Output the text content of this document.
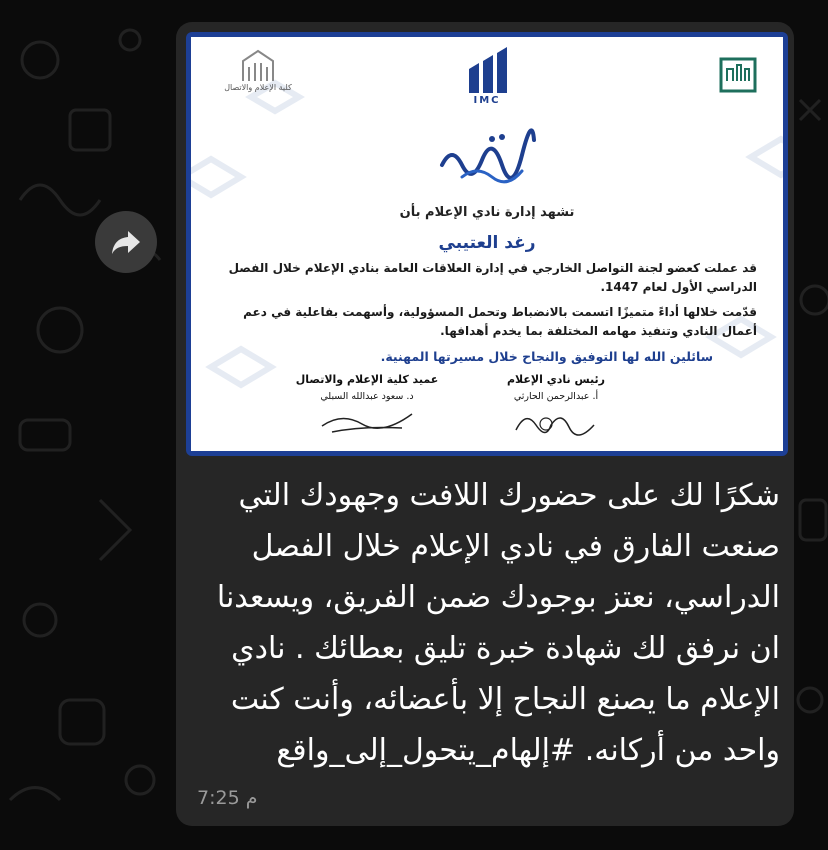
IMC
كلية الإعلام والاتصال
تشهد إدارة نادي الإعلام بأن
رغد العتيبي
قد عملت كعضو لجنة التواصل الخارجي في إدارة العلاقات العامة بنادي الإعلام خلال الفصل الدراسي الأول لعام 1447.
قدّمت خلالها أداءً متميزًا اتسمت بالانضباط وتحمل المسؤولية، وأسهمت بفاعلية في دعم أعمال النادي وتنفيذ مهامه المختلفة بما يخدم أهدافها.
سائلين الله لها التوفيق والنجاح خلال مسيرتها المهنية.
رئيس نادي الإعلام
أ. عبدالرحمن الحارثي
عميد كلية الإعلام والاتصال
د. سعود عبدالله السبلي
شكرًا لك على حضورك اللافت وجهودك التي صنعت الفارق في نادي الإعلام خلال الفصل الدراسي، نعتز بوجودك ضمن الفريق، ويسعدنا ان نرفق لك شهادة خبرة تليق بعطائك . نادي الإعلام ما يصنع النجاح إلا بأعضائه، وأنت كنت واحد من أركانه. #إلهام_يتحول_إلى_واقع
7:25 م
